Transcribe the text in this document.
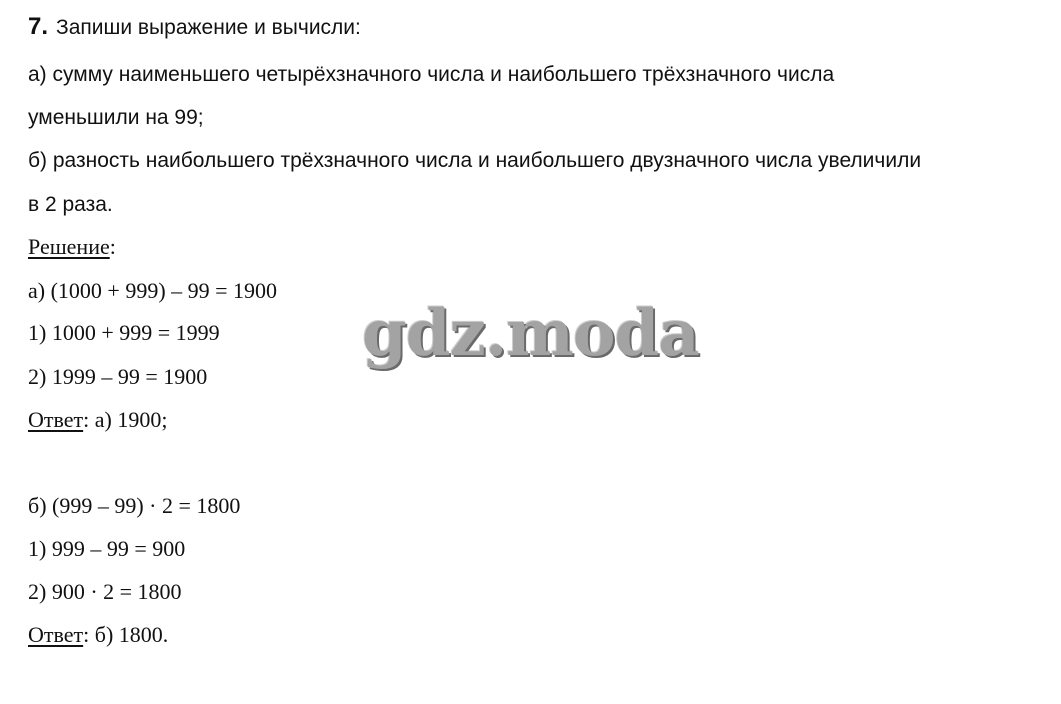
7. Запиши выражение и вычисли:
а) сумму наименьшего четырёхзначного числа и наибольшего трёхзначного числа
уменьшили на 99;
б) разность наибольшего трёхзначного числа и наибольшего двузначного числа увеличили
в 2 раза.
Решение:
а) (1000 + 999) – 99 = 1900
1) 1000 + 999 = 1999
2) 1999 – 99 = 1900
Ответ: а) 1900;
б) (999 – 99) · 2 = 1800
1) 999 – 99 = 900
2) 900 · 2 = 1800
Ответ: б) 1800.
gdz.moda
